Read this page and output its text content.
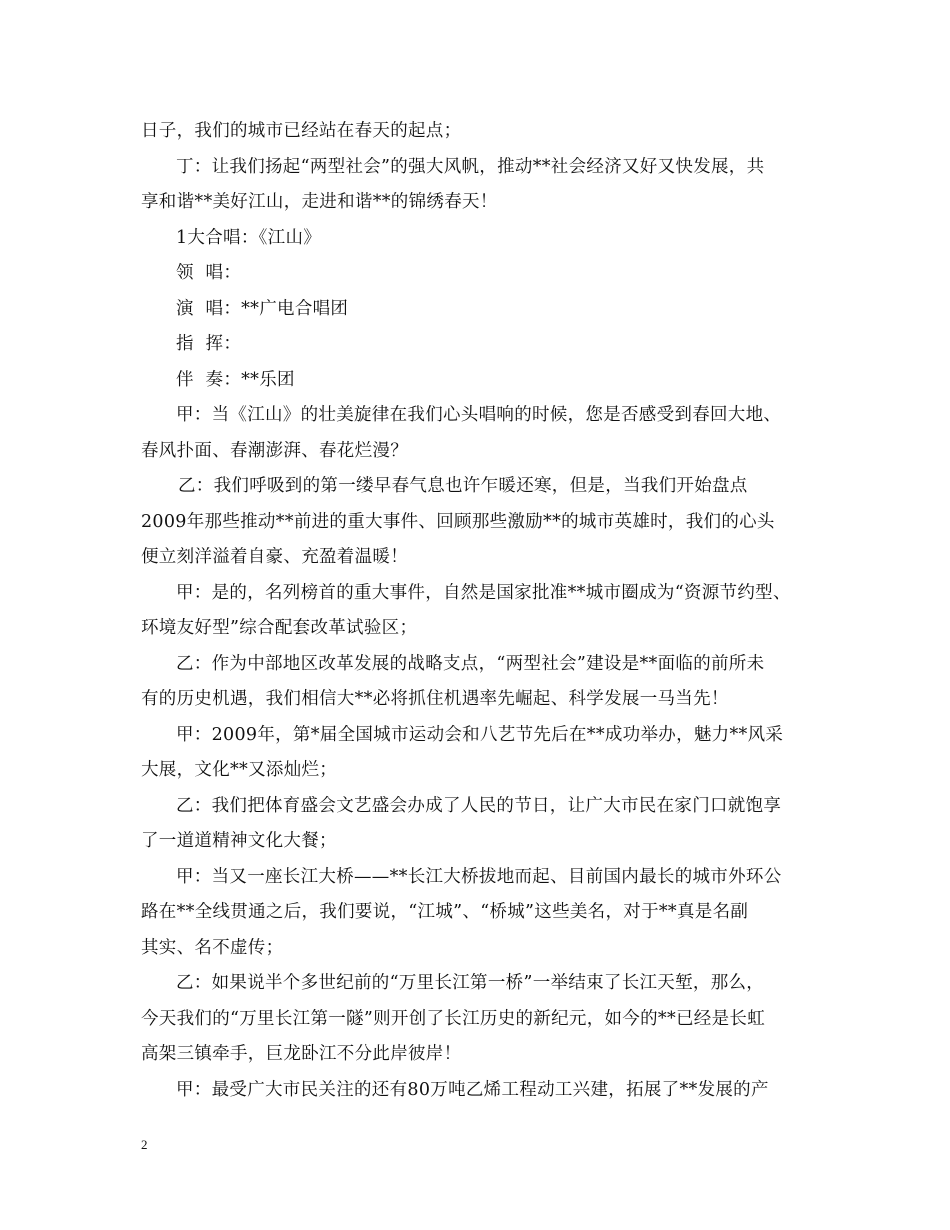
日子，我们的城市已经站在春天的起点；
丁：让我们扬起“两型社会”的强大风帆，推动**社会经济又好又快发展，共
享和谐**美好江山，走进和谐**的锦绣春天！
1大合唱：《江山》
领  唱：
演  唱：**广电合唱团
指  挥：
伴  奏：**乐团
甲：当《江山》的壮美旋律在我们心头唱响的时候，您是否感受到春回大地、
春风扑面、春潮澎湃、春花烂漫？
乙：我们呼吸到的第一缕早春气息也许乍暖还寒，但是，当我们开始盘点
2009年那些推动**前进的重大事件、回顾那些激励**的城市英雄时，我们的心头
便立刻洋溢着自豪、充盈着温暖！
甲：是的，名列榜首的重大事件，自然是国家批准**城市圈成为“资源节约型、
环境友好型”综合配套改革试验区；
乙：作为中部地区改革发展的战略支点，“两型社会”建设是**面临的前所未
有的历史机遇，我们相信大**必将抓住机遇率先崛起、科学发展一马当先！
甲：2009年，第*届全国城市运动会和八艺节先后在**成功举办，魅力**风采
大展，文化**又添灿烂；
乙：我们把体育盛会文艺盛会办成了人民的节日，让广大市民在家门口就饱享
了一道道精神文化大餐；
甲：当又一座长江大桥——**长江大桥拔地而起、目前国内最长的城市外环公
路在**全线贯通之后，我们要说，“江城”、“桥城”这些美名，对于**真是名副
其实、名不虚传；
乙：如果说半个多世纪前的“万里长江第一桥”一举结束了长江天堑，那么，
今天我们的“万里长江第一隧”则开创了长江历史的新纪元，如今的**已经是长虹
高架三镇牵手，巨龙卧江不分此岸彼岸！
甲：最受广大市民关注的还有80万吨乙烯工程动工兴建，拓展了**发展的产
2
